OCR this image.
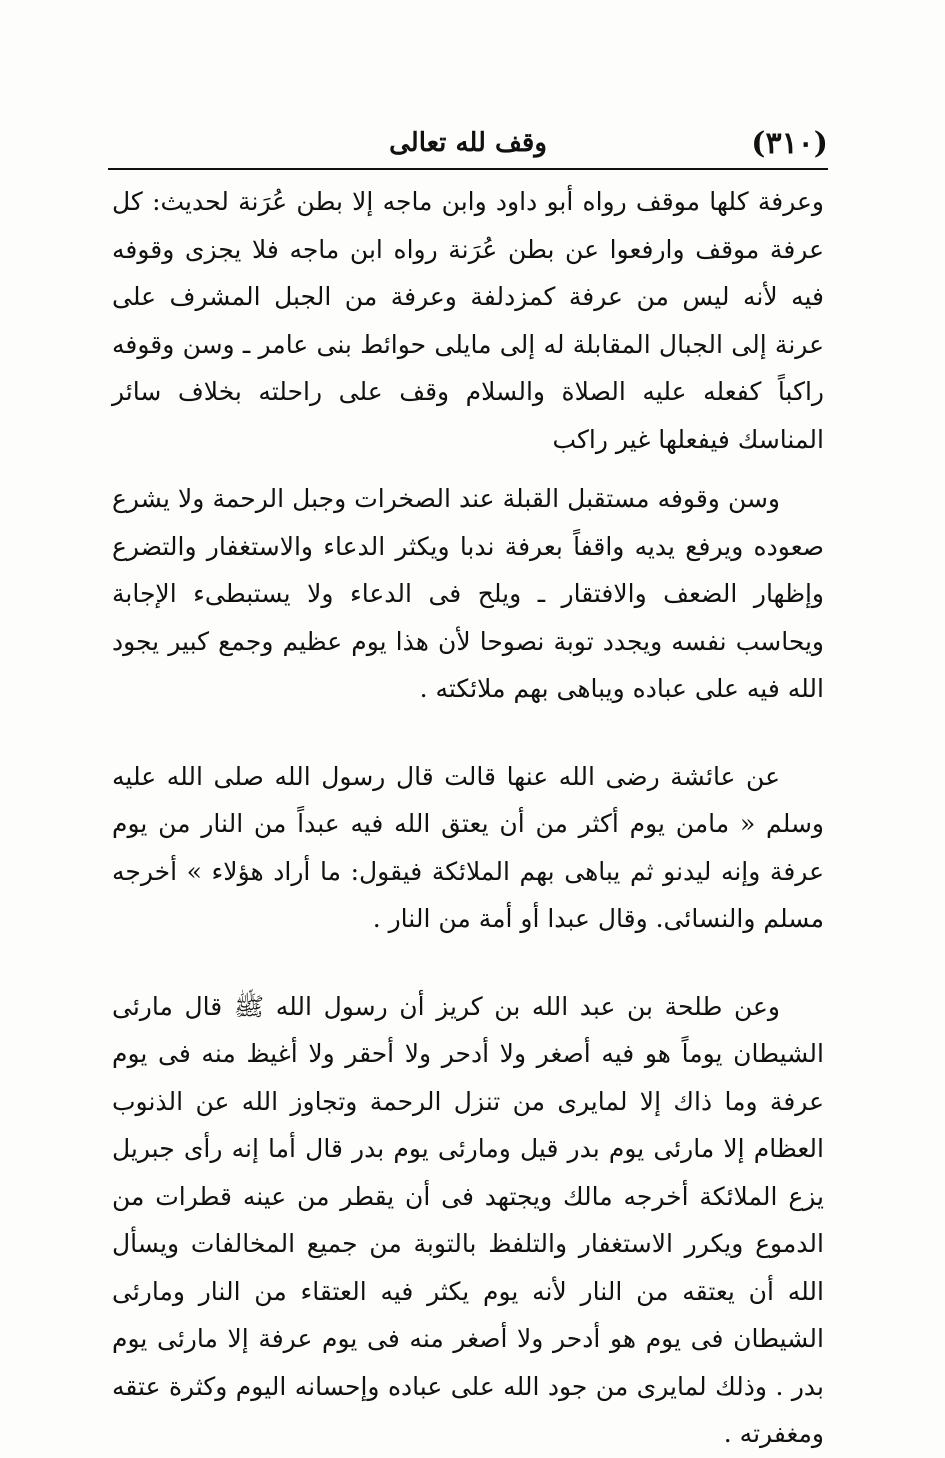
(٣١٠)
وقف لله تعالى

وعرفة كلها موقف رواه أبو داود وابن ماجه إلا بطن عُرَنة لحديث: كل عرفة موقف وارفعوا عن بطن عُرَنة رواه ابن ماجه فلا يجزى وقوفه فيه لأنه ليس من عرفة كمزدلفة وعرفة من الجبل المشرف على عرنة إلى الجبال المقابلة له إلى مايلى حوائط بنى عامر ـ وسن وقوفه راكباً كفعله عليه الصلاة والسلام وقف على راحلته بخلاف سائر المناسك فيفعلها غير راكب

وسن وقوفه مستقبل القبلة عند الصخرات وجبل الرحمة ولا يشرع صعوده ويرفع يديه واقفاً بعرفة ندبا ويكثر الدعاء والاستغفار والتضرع وإظهار الضعف والافتقار ـ ويلح فى الدعاء ولا يستبطىء الإجابة ويحاسب نفسه ويجدد توبة نصوحا لأن هذا يوم عظيم وجمع كبير يجود الله فيه على عباده ويباهى بهم ملائكته .

عن عائشة رضى الله عنها قالت قال رسول الله صلى الله عليه وسلم « مامن يوم أكثر من أن يعتق الله فيه عبداً من النار من يوم عرفة وإنه ليدنو ثم يباهى بهم الملائكة فيقول: ما أراد هؤلاء » أخرجه مسلم والنسائى. وقال عبدا أو أمة من النار .

وعن طلحة بن عبد الله بن كريز أن رسول الله ﷺ قال مارئى الشيطان يوماً هو فيه أصغر ولا أدحر ولا أحقر ولا أغيظ منه فى يوم عرفة وما ذاك إلا لمايرى من تنزل الرحمة وتجاوز الله عن الذنوب العظام إلا مارئى يوم بدر قيل ومارئى يوم بدر قال أما إنه رأى جبريل يزع الملائكة أخرجه مالك ويجتهد فى أن يقطر من عينه قطرات من الدموع ويكرر الاستغفار والتلفظ بالتوبة من جميع المخالفات ويسأل الله أن يعتقه من النار لأنه يوم يكثر فيه العتقاء من النار ومارئى الشيطان فى يوم هو أدحر ولا أصغر منه فى يوم عرفة إلا مارئى يوم بدر . وذلك لمايرى من جود الله على عباده وإحسانه اليوم وكثرة عتقه ومغفرته .
